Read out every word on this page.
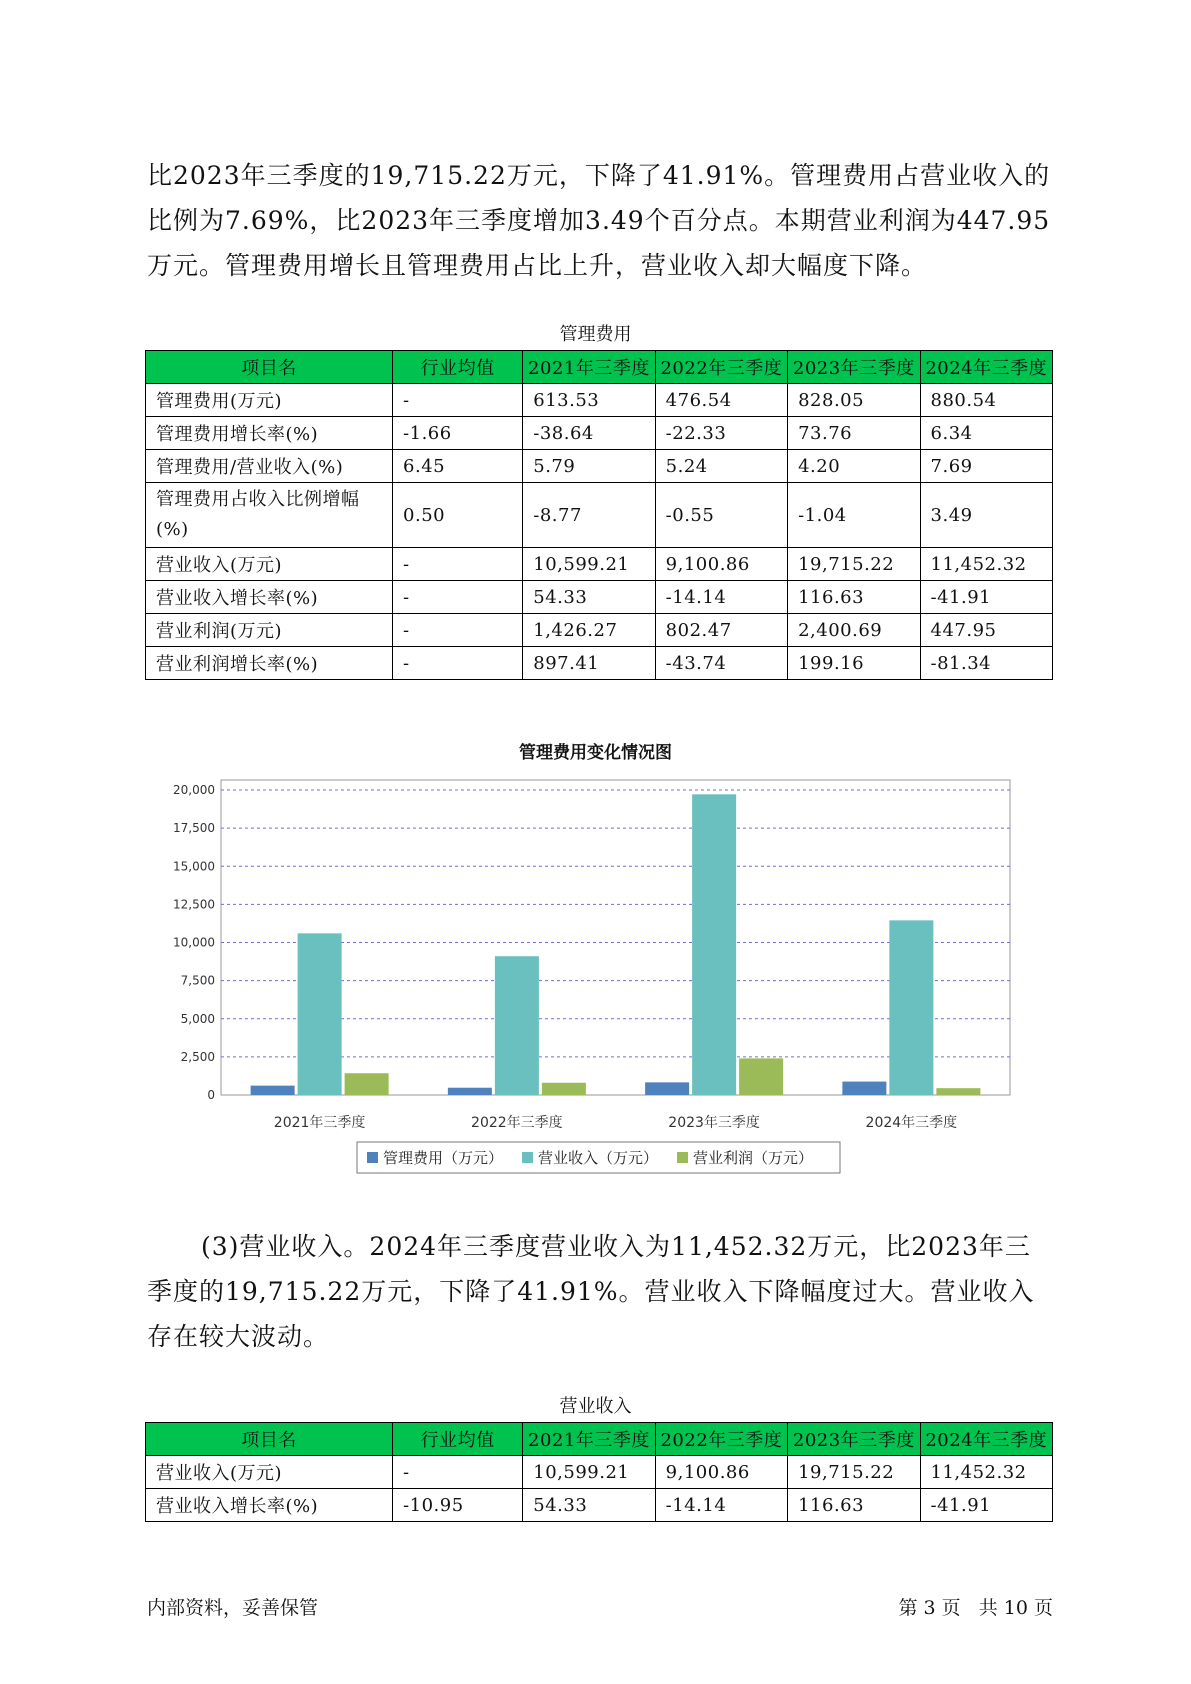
比2023年三季度的19,715.22万元，下降了41.91%。管理费用占营业收入的
比例为7.69%，比2023年三季度增加3.49个百分点。本期营业利润为447.95
万元。管理费用增长且管理费用占比上升，营业收入却大幅度下降。
管理费用
项目名	行业均值	2021年三季度	2022年三季度	2023年三季度	2024年三季度
管理费用(万元)	-	613.53	476.54	828.05	880.54
管理费用增长率(%)	-1.66	-38.64	-22.33	73.76	6.34
管理费用/营业收入(%)	6.45	5.79	5.24	4.20	7.69
管理费用占收入比例增幅(%)	0.50	-8.77	-0.55	-1.04	3.49
营业收入(万元)	-	10,599.21	9,100.86	19,715.22	11,452.32
营业收入增长率(%)	-	54.33	-14.14	116.63	-41.91
营业利润(万元)	-	1,426.27	802.47	2,400.69	447.95
营业利润增长率(%)	-	897.41	-43.74	199.16	-81.34
管理费用变化情况图
0
2,500
5,000
7,500
10,000
12,500
15,000
17,500
20,000
2021年三季度	2022年三季度	2023年三季度	2024年三季度
管理费用（万元） 营业收入（万元） 营业利润（万元）
(3)营业收入。2024年三季度营业收入为11,452.32万元，比2023年三
季度的19,715.22万元，下降了41.91%。营业收入下降幅度过大。营业收入
存在较大波动。
营业收入
项目名	行业均值	2021年三季度	2022年三季度	2023年三季度	2024年三季度
营业收入(万元)	-	10,599.21	9,100.86	19,715.22	11,452.32
营业收入增长率(%)	-10.95	54.33	-14.14	116.63	-41.91
内部资料，妥善保管	第 3 页   共 10 页
